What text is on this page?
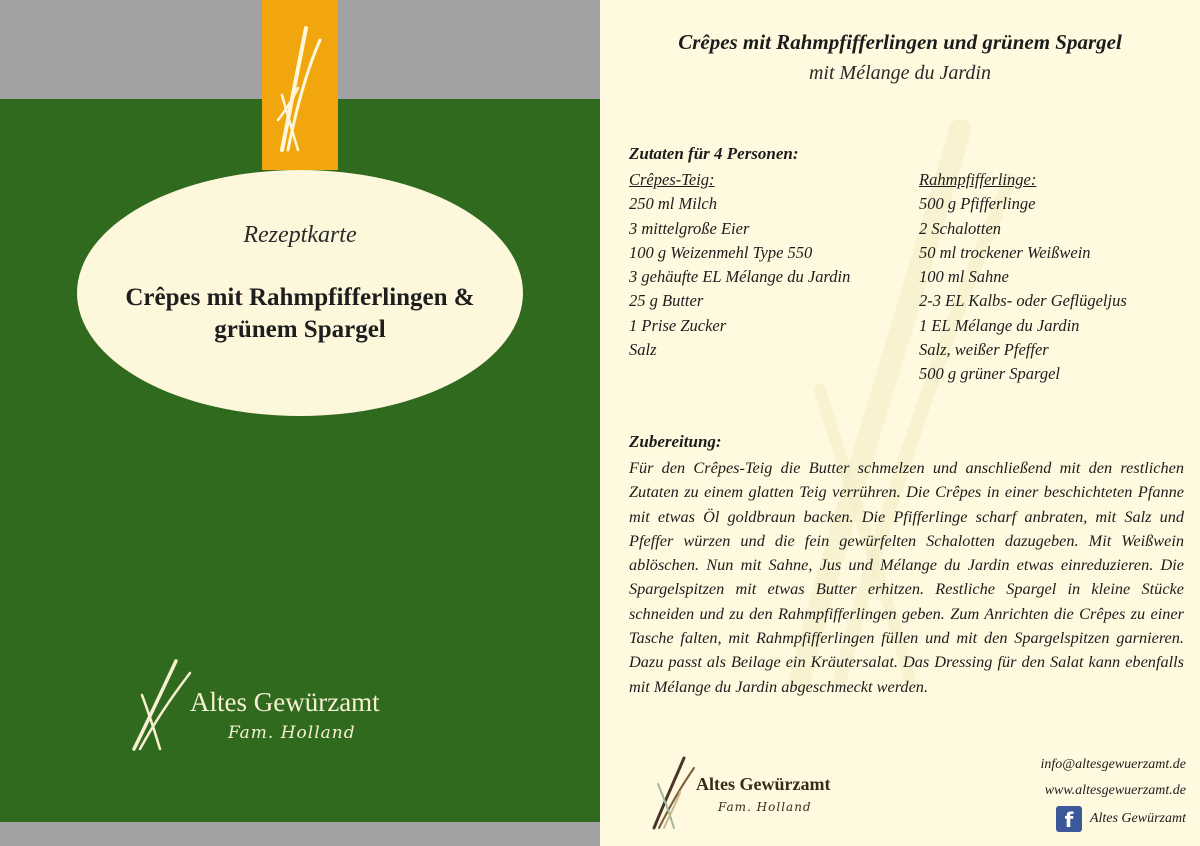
Rezeptkarte
Crêpes mit Rahmpfifferlingen & grünem Spargel
Altes Gewürzamt
Fam. Holland
Crêpes mit Rahmpfifferlingen und grünem Spargel
mit Mélange du Jardin
Zutaten für 4 Personen:
Crêpes-Teig:
250 ml Milch
3 mittelgroße Eier
100 g Weizenmehl Type 550
3 gehäufte EL Mélange du Jardin
25 g Butter
1 Prise Zucker
Salz
Rahmpfifferlinge:
500 g Pfifferlinge
2 Schalotten
50 ml trockener Weißwein
100 ml Sahne
2-3 EL Kalbs- oder Geflügeljus
1 EL Mélange du Jardin
Salz, weißer Pfeffer
500 g grüner Spargel
Zubereitung:
Für den Crêpes-Teig die Butter schmelzen und anschließend mit den restlichen Zutaten zu einem glatten Teig verrühren. Die Crêpes in einer beschichteten Pfanne mit etwas Öl goldbraun backen. Die Pfifferlinge scharf anbraten, mit Salz und Pfeffer würzen und die fein gewürfelten Schalotten dazugeben. Mit Weißwein ablöschen. Nun mit Sahne, Jus und Mélange du Jardin etwas einreduzieren. Die Spargelspitzen mit etwas Butter erhitzen. Restliche Spargel in kleine Stücke schneiden und zu den Rahmpfifferlingen geben. Zum Anrichten die Crêpes zu einer Tasche falten, mit Rahmpfifferlingen füllen und mit den Spargelspitzen garnieren. Dazu passt als Beilage ein Kräutersalat. Das Dressing für den Salat kann ebenfalls mit Mélange du Jardin abgeschmeckt werden.
Altes Gewürzamt
Fam. Holland
info@altesgewuerzamt.de
www.altesgewuerzamt.de
f	Altes Gewürzamt
